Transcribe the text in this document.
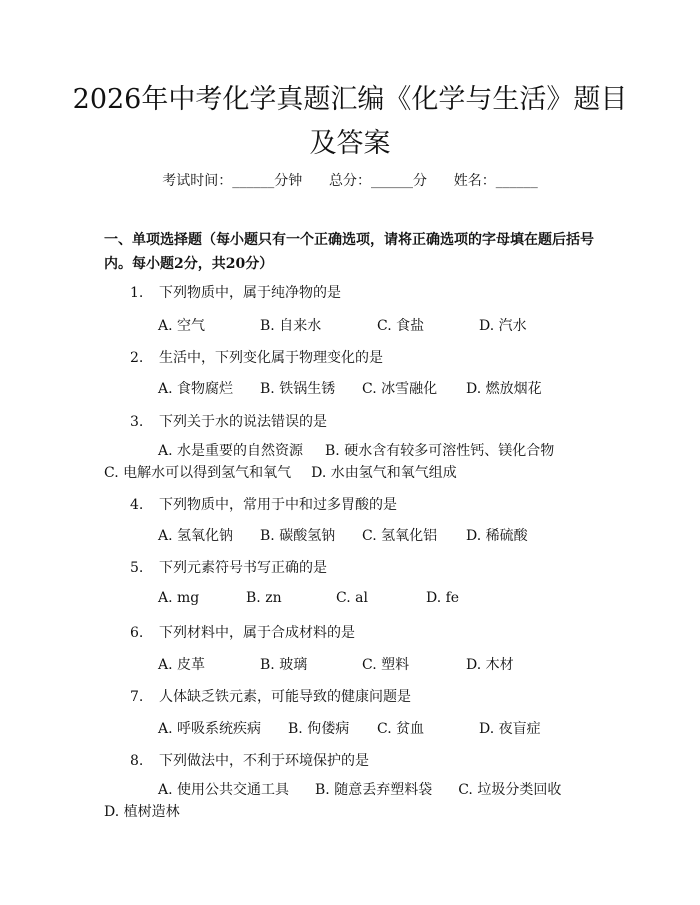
2026年中考化学真题汇编《化学与生活》题目及答案
考试时间：______分钟 总分：______分 姓名：______
一、单项选择题（每小题只有一个正确选项，请将正确选项的字母填在题后括号内。每小题2分，共20分）
1. 下列物质中，属于纯净物的是
A. 空气	B. 自来水	C. 食盐	D. 汽水
2. 生活中，下列变化属于物理变化的是
A. 食物腐烂 B. 铁锅生锈 C. 冰雪融化 D. 燃放烟花
3. 下列关于水的说法错误的是
A. 水是重要的自然资源 B. 硬水含有较多可溶性钙、镁化合物C. 电解水可以得到氢气和氧气 D. 水由氢气和氧气组成
4. 下列物质中，常用于中和过多胃酸的是
A. 氢氧化钠 B. 碳酸氢钠 C. 氢氧化铝 D. 稀硫酸
5. 下列元素符号书写正确的是
A. mg	B. zn	C. al	D. fe
6. 下列材料中，属于合成材料的是
A. 皮革	B. 玻璃	C. 塑料	D. 木材
7. 人体缺乏铁元素，可能导致的健康问题是
A. 呼吸系统疾病 B. 佝偻病 C. 贫血	D. 夜盲症
8. 下列做法中，不利于环境保护的是
A. 使用公共交通工具 B. 随意丢弃塑料袋 C. 垃圾分类回收D. 植树造林
